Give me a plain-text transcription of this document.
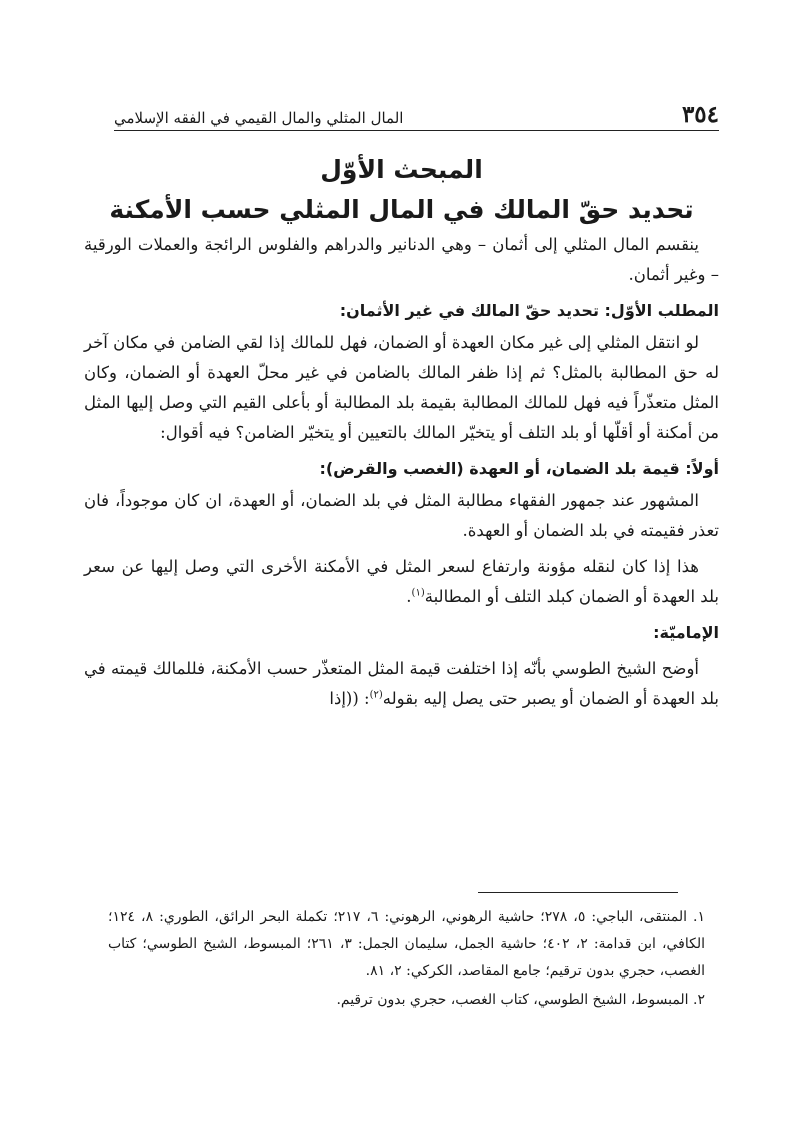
٣٥٤
المال المثلي والمال القيمي في الفقه الإسلامي
المبحث الأوّل
تحديد حقّ المالك في المال المثلي حسب الأمكنة

ينقسم المال المثلي إلى أثمان – وهي الدنانير والدراهم والفلوس الرائجة والعملات الورقية – وغير أثمان.

المطلب الأوّل: تحديد حقّ المالك في غير الأثمان:

لو انتقل المثلي إلى غير مكان العهدة أو الضمان، فهل للمالك إذا لقي الضامن في مكان آخر له حق المطالبة بالمثل؟ ثم إذا ظفر المالك بالضامن في غير محلّ العهدة أو الضمان، وكان المثل متعذّراً فيه فهل للمالك المطالبة بقيمة بلد المطالبة أو بأعلى القيم التي وصل إليها المثل من أمكنة أو أقلّها أو بلد التلف أو يتخيّر المالك بالتعيين أو يتخيّر الضامن؟ فيه أقوال:

أولاً: قيمة بلد الضمان، أو العهدة (الغصب والقرض):

المشهور عند جمهور الفقهاء مطالبة المثل في بلد الضمان، أو العهدة، ان كان موجوداً، فان تعذر فقيمته في بلد الضمان أو العهدة.

هذا إذا كان لنقله مؤونة وارتفاع لسعر المثل في الأمكنة الأخرى التي وصل إليها عن سعر بلد العهدة أو الضمان كبلد التلف أو المطالبة$^{(١)}$.

الإماميّة:

أوضح الشيخ الطوسي بأنّه إذا اختلفت قيمة المثل المتعذّر حسب الأمكنة، فللمالك قيمته في بلد العهدة أو الضمان أو يصبر حتى يصل إليه بقوله$^{(٢)}$: ((إذا

١. المنتقى، الباجي: ٥، ٢٧٨؛ حاشية الرهوني، الرهوني: ٦، ٢١٧؛ تكملة البحر الرائق، الطوري: ٨، ١٢٤؛ الكافي، ابن قدامة: ٢، ٤٠٢؛ حاشية الجمل، سليمان الجمل: ٣، ٢٦١؛ المبسوط، الشيخ الطوسي؛ كتاب الغصب، حجري بدون ترقيم؛ جامع المقاصد، الكركي: ٢، ٨١.

٢. المبسوط، الشيخ الطوسي، كتاب الغصب، حجري بدون ترقيم.
